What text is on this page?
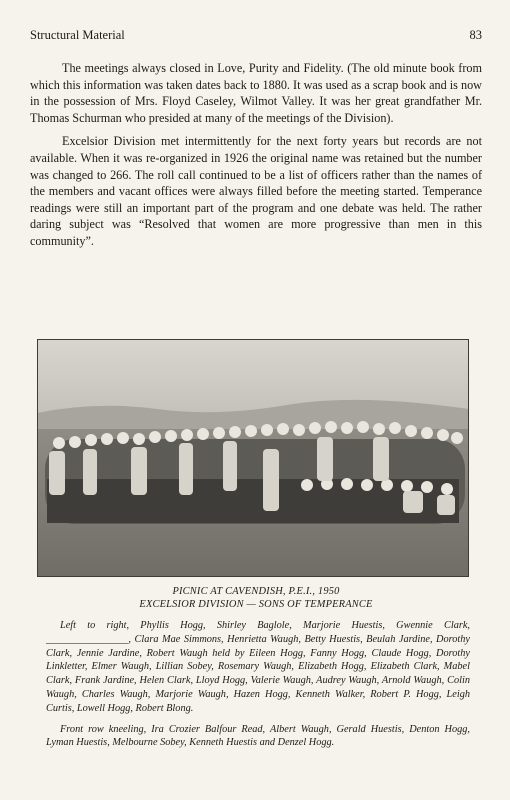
Structural Material	83

The meetings always closed in Love, Purity and Fidelity. (The old minute book from which this information was taken dates back to 1880. It was used as a scrap book and is now in the possession of Mrs. Floyd Caseley, Wilmot Valley. It was her great grandfather Mr. Thomas Schurman who presided at many of the meetings of the Division).

Excelsior Division met intermittently for the next forty years but records are not available. When it was re-organized in 1926 the original name was retained but the number was changed to 266. The roll call continued to be a list of officers rather than the names of the members and vacant offices were always filled before the meeting started. Temperance readings were still an important part of the program and one debate was held. The rather daring subject was “Resolved that women are more progressive than men in this community”.

PICNIC AT CAVENDISH, P.E.I., 1950
EXCELSIOR DIVISION — SONS OF TEMPERANCE

Left to right, Phyllis Hogg, Shirley Baglole, Marjorie Huestis, Gwennie Clark, ________________, Clara Mae Simmons, Henrietta Waugh, Betty Huestis, Beulah Jardine, Dorothy Clark, Jennie Jardine, Robert Waugh held by Eileen Hogg, Fanny Hogg, Claude Hogg, Dorothy Linkletter, Elmer Waugh, Lillian Sobey, Rosemary Waugh, Elizabeth Hogg, Elizabeth Clark, Mabel Clark, Frank Jardine, Helen Clark, Lloyd Hogg, Valerie Waugh, Audrey Waugh, Arnold Waugh, Colin Waugh, Charles Waugh, Marjorie Waugh, Hazen Hogg, Kenneth Walker, Robert P. Hogg, Leigh Curtis, Lowell Hogg, Robert Blong.

Front row kneeling, Ira Crozier Balfour Read, Albert Waugh, Gerald Huestis, Denton Hogg, Lyman Huestis, Melbourne Sobey, Kenneth Huestis and Denzel Hogg.
